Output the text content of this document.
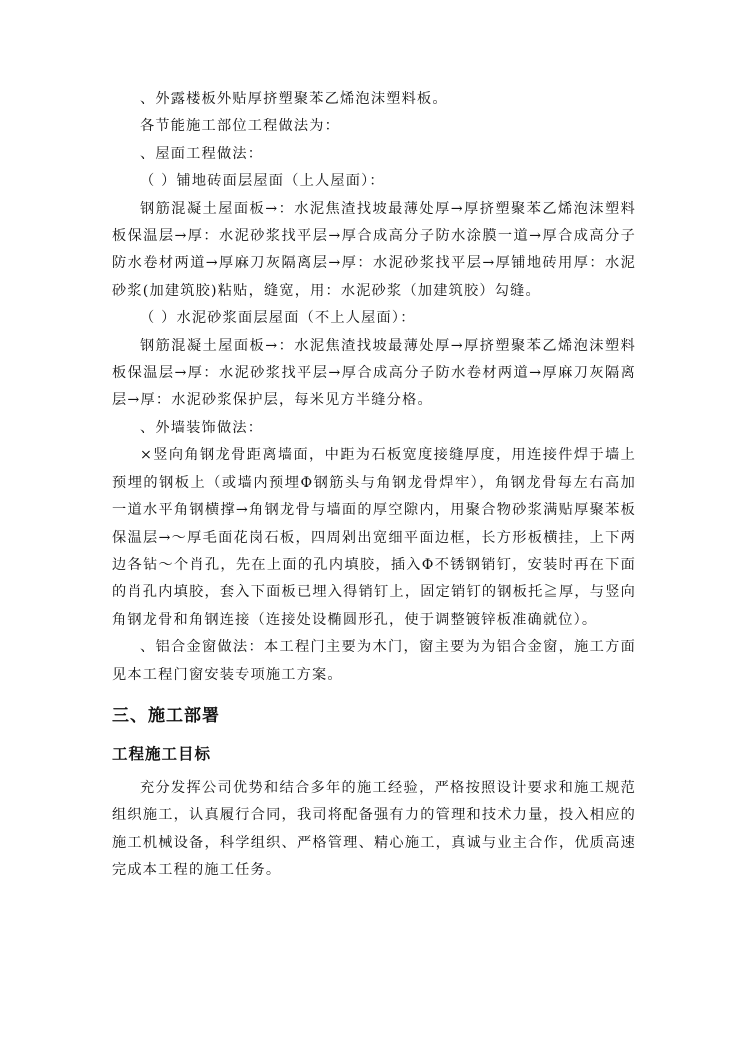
、外露楼板外贴厚挤塑聚苯乙烯泡沫塑料板。

各节能施工部位工程做法为：

、屋面工程做法：

（ ）铺地砖面层屋面（上人屋面）：

钢筋混凝土屋面板→：水泥焦渣找坡最薄处厚→厚挤塑聚苯乙烯泡沫塑料板保温层→厚：水泥砂浆找平层→厚合成高分子防水涂膜一道→厚合成高分子防水卷材两道→厚麻刀灰隔离层→厚：水泥砂浆找平层→厚铺地砖用厚：水泥砂浆(加建筑胶)粘贴，缝宽，用：水泥砂浆（加建筑胶）勾缝。

（ ）水泥砂浆面层屋面（不上人屋面）：

钢筋混凝土屋面板→：水泥焦渣找坡最薄处厚→厚挤塑聚苯乙烯泡沫塑料板保温层→厚：水泥砂浆找平层→厚合成高分子防水卷材两道→厚麻刀灰隔离层→厚：水泥砂浆保护层，每米见方半缝分格。

、外墙装饰做法：

×竖向角钢龙骨距离墙面，中距为石板宽度接缝厚度，用连接件焊于墙上预埋的钢板上（或墙内预埋Φ钢筋头与角钢龙骨焊牢），角钢龙骨每左右高加一道水平角钢横撑→角钢龙骨与墙面的厚空隙内，用聚合物砂浆满贴厚聚苯板保温层→～厚毛面花岗石板，四周剁出宽细平面边框，长方形板横挂，上下两边各钻～个肖孔，先在上面的孔内填胶，插入Φ不锈钢销钉，安装时再在下面的肖孔内填胶，套入下面板已埋入得销钉上，固定销钉的钢板托≧厚，与竖向角钢龙骨和角钢连接（连接处设椭圆形孔，使于调整镀锌板准确就位）。

、铝合金窗做法：本工程门主要为木门，窗主要为为铝合金窗，施工方面见本工程门窗安装专项施工方案。

三、施工部署
工程施工目标

充分发挥公司优势和结合多年的施工经验，严格按照设计要求和施工规范组织施工，认真履行合同，我司将配备强有力的管理和技术力量，投入相应的施工机械设备，科学组织、严格管理、精心施工，真诚与业主合作，优质高速完成本工程的施工任务。
